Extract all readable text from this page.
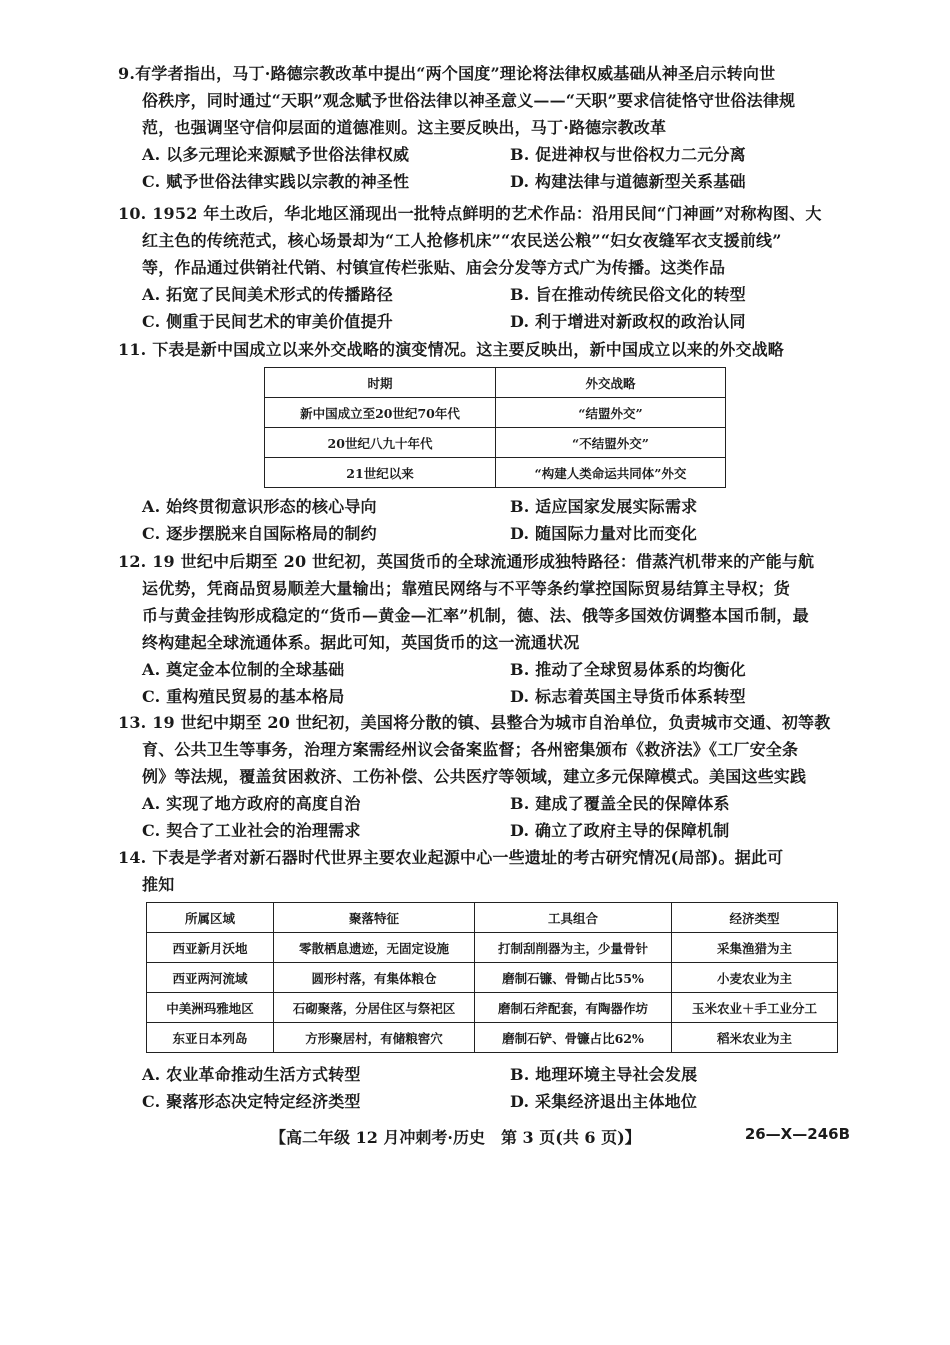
9.有学者指出，马丁·路德宗教改革中提出“两个国度”理论将法律权威基础从神圣启示转向世

俗秩序，同时通过“天职”观念赋予世俗法律以神圣意义——“天职”要求信徒恪守世俗法律规

范，也强调坚守信仰层面的道德准则。这主要反映出，马丁·路德宗教改革

A. 以多元理论来源赋予世俗法律权威	B. 促进神权与世俗权力二元分离
C. 赋予世俗法律实践以宗教的神圣性	D. 构建法律与道德新型关系基础

10. 1952 年土改后，华北地区涌现出一批特点鲜明的艺术作品：沿用民间“门神画”对称构图、大

红主色的传统范式，核心场景却为“工人抢修机床”“农民送公粮”“妇女夜缝军衣支援前线”

等，作品通过供销社代销、村镇宣传栏张贴、庙会分发等方式广为传播。这类作品

A. 拓宽了民间美术形式的传播路径	B. 旨在推动传统民俗文化的转型
C. 侧重于民间艺术的审美价值提升	D. 利于增进对新政权的政治认同

11. 下表是新中国成立以来外交战略的演变情况。这主要反映出，新中国成立以来的外交战略

时期	外交战略
新中国成立至20世纪70年代	“结盟外交”
20世纪八九十年代	“不结盟外交”
21世纪以来	“构建人类命运共同体”外交
A. 始终贯彻意识形态的核心导向	B. 适应国家发展实际需求
C. 逐步摆脱来自国际格局的制约	D. 随国际力量对比而变化

12. 19 世纪中后期至 20 世纪初，英国货币的全球流通形成独特路径：借蒸汽机带来的产能与航

运优势，凭商品贸易顺差大量输出；靠殖民网络与不平等条约掌控国际贸易结算主导权；货

币与黄金挂钩形成稳定的“货币—黄金—汇率”机制，德、法、俄等多国效仿调整本国币制，最

终构建起全球流通体系。据此可知，英国货币的这一流通状况

A. 奠定金本位制的全球基础	B. 推动了全球贸易体系的均衡化
C. 重构殖民贸易的基本格局	D. 标志着英国主导货币体系转型

13. 19 世纪中期至 20 世纪初，美国将分散的镇、县整合为城市自治单位，负责城市交通、初等教

育、公共卫生等事务，治理方案需经州议会备案监督；各州密集颁布《救济法》《工厂安全条

例》等法规，覆盖贫困救济、工伤补偿、公共医疗等领域，建立多元保障模式。美国这些实践

A. 实现了地方政府的高度自治	B. 建成了覆盖全民的保障体系
C. 契合了工业社会的治理需求	D. 确立了政府主导的保障机制

14. 下表是学者对新石器时代世界主要农业起源中心一些遗址的考古研究情况(局部)。据此可

推知

所属区域	聚落特征	工具组合	经济类型
西亚新月沃地	零散栖息遗迹，无固定设施	打制刮削器为主，少量骨针	采集渔猎为主
西亚两河流域	圆形村落，有集体粮仓	磨制石镰、骨锄占比55%	小麦农业为主
中美洲玛雅地区	石砌聚落，分居住区与祭祀区	磨制石斧配套，有陶器作坊	玉米农业＋手工业分工
东亚日本列岛	方形聚居村，有储粮窖穴	磨制石铲、骨镰占比62%	稻米农业为主
A. 农业革命推动生活方式转型	B. 地理环境主导社会发展
C. 聚落形态决定特定经济类型	D. 采集经济退出主体地位
【高二年级 12 月冲刺考·历史　第 3 页(共 6 页)】	26—X—246B
